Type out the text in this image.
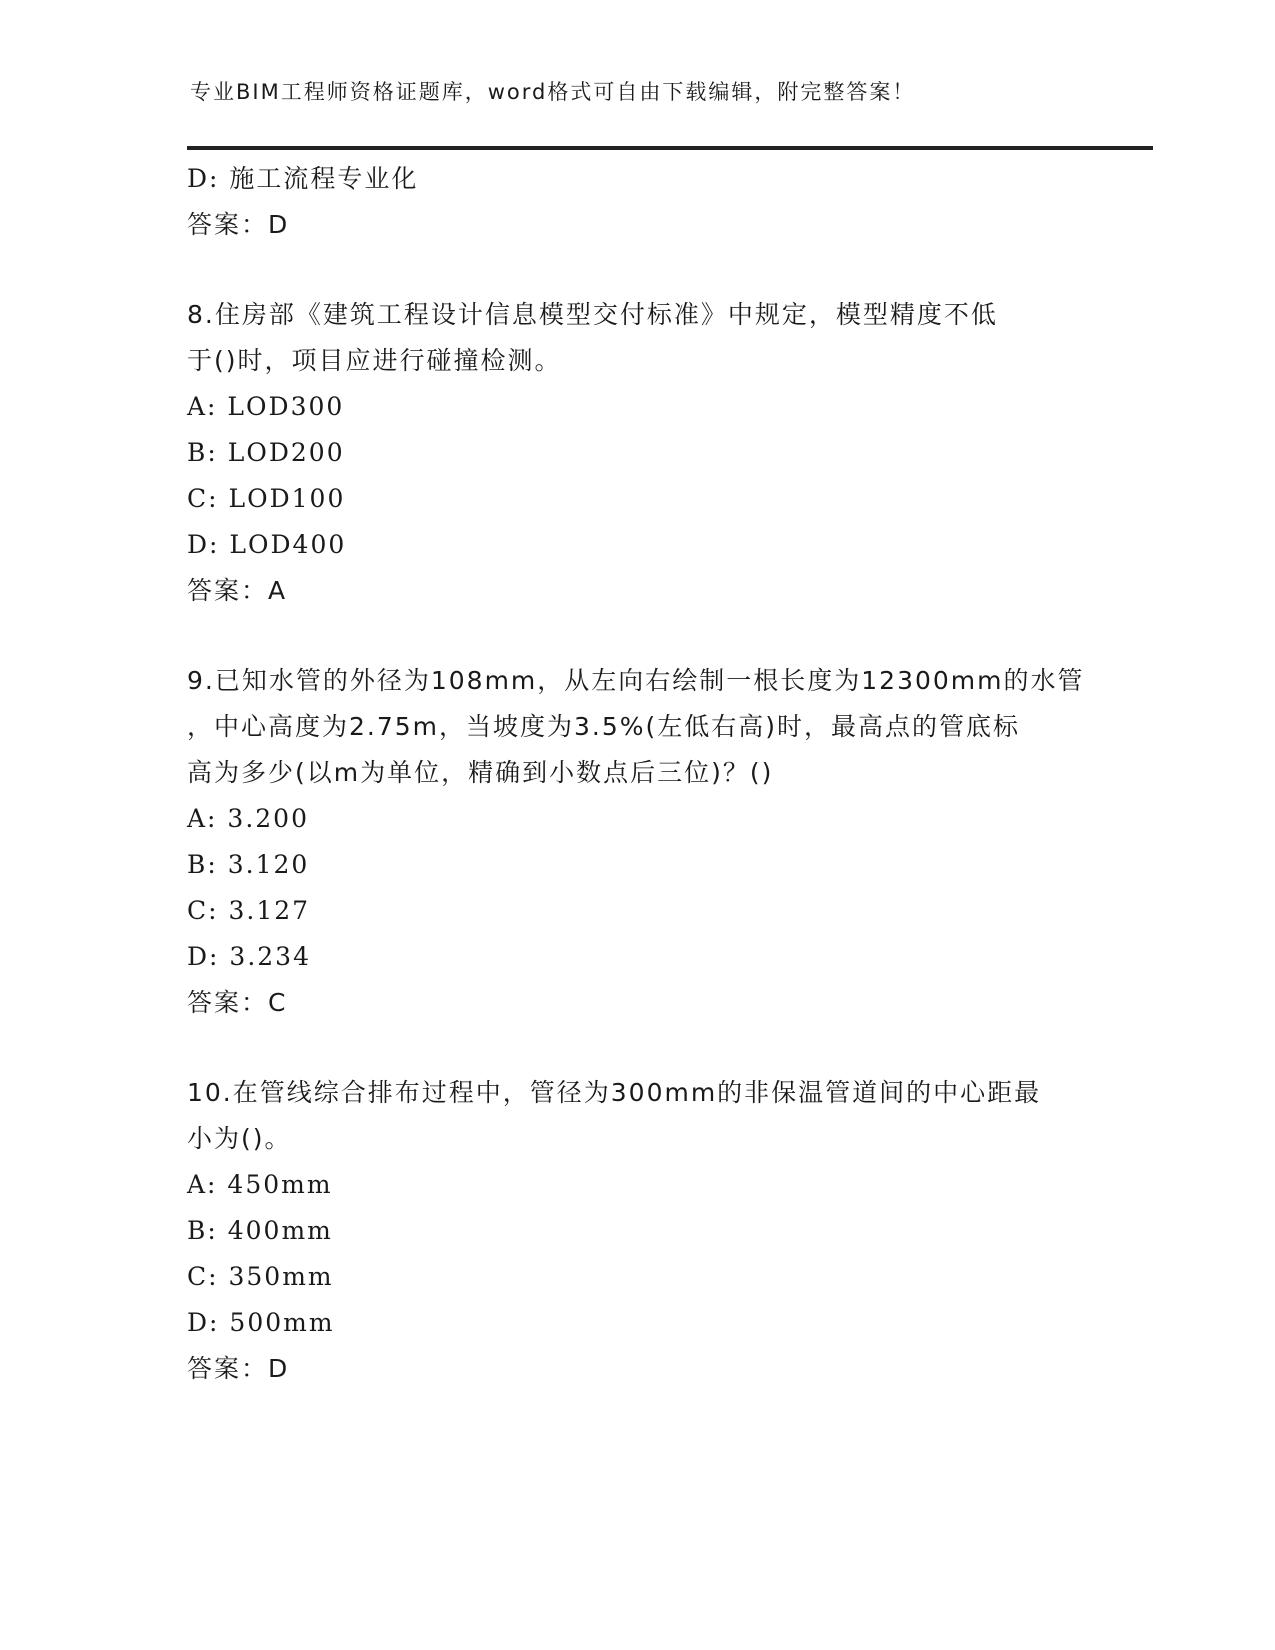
专业BIM工程师资格证题库，word格式可自由下载编辑，附完整答案！
D: 施工流程专业化
答案：D
8.住房部《建筑工程设计信息模型交付标准》中规定，模型精度不低
于()时，项目应进行碰撞检测。
A: LOD300
B: LOD200
C: LOD100
D: LOD400
答案：A
9.已知水管的外径为108mm，从左向右绘制一根长度为12300mm的水管
，中心高度为2.75m，当坡度为3.5%(左低右高)时，最高点的管底标
高为多少(以m为单位，精确到小数点后三位)？()
A: 3.200
B: 3.120
C: 3.127
D: 3.234
答案：C
10.在管线综合排布过程中，管径为300mm的非保温管道间的中心距最
小为()。
A: 450mm
B: 400mm
C: 350mm
D: 500mm
答案：D
